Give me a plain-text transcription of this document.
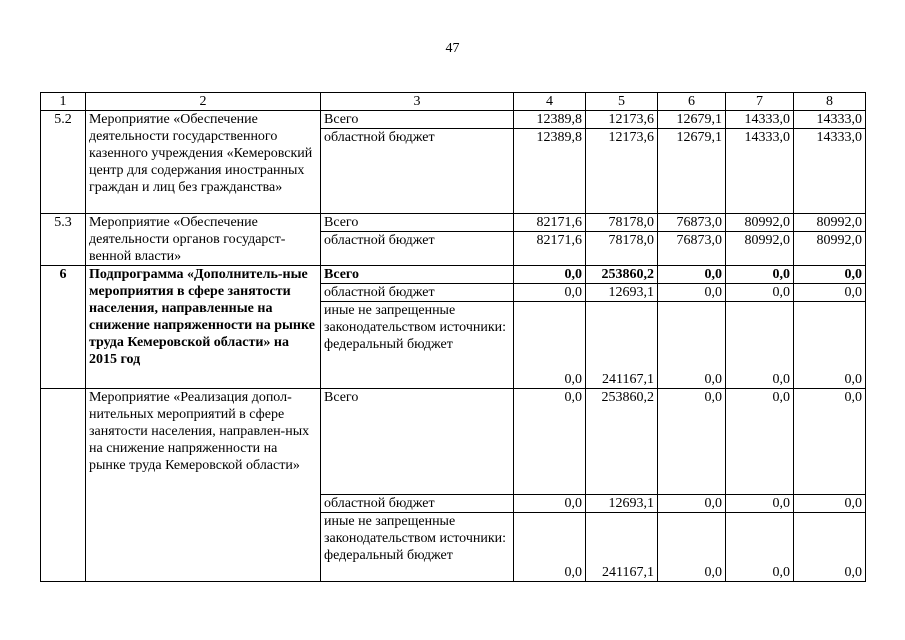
47
1	2	3	4	5	6	7	8
5.2	Мероприятие «Обеспечение деятельности государственного казенного учреждения «Кемеровский центр для содержания иностранных граждан и лиц без гражданства»	Всего	12389,8	12173,6	12679,1	14333,0	14333,0
		областной бюджет	12389,8	12173,6	12679,1	14333,0	14333,0
5.3	Мероприятие «Обеспечение деятельности органов государст-венной власти»	Всего	82171,6	78178,0	76873,0	80992,0	80992,0
		областной бюджет	82171,6	78178,0	76873,0	80992,0	80992,0
6	Подпрограмма «Дополнитель-ные мероприятия в сфере занятости населения, направленные на снижение напряженности на рынке труда Кемеровской области» на 2015 год	Всего	0,0	253860,2	0,0	0,0	0,0
		областной бюджет	0,0	12693,1	0,0	0,0	0,0
		иные не запрещенные законодательством источники: федеральный бюджет	0,0	241167,1	0,0	0,0	0,0
	Мероприятие «Реализация допол-нительных мероприятий в сфере занятости населения, направлен-ных на снижение напряженности на рынке труда Кемеровской области»	Всего	0,0	253860,2	0,0	0,0	0,0
		областной бюджет	0,0	12693,1	0,0	0,0	0,0
		иные не запрещенные законодательством источники: федеральный бюджет	0,0	241167,1	0,0	0,0	0,0
